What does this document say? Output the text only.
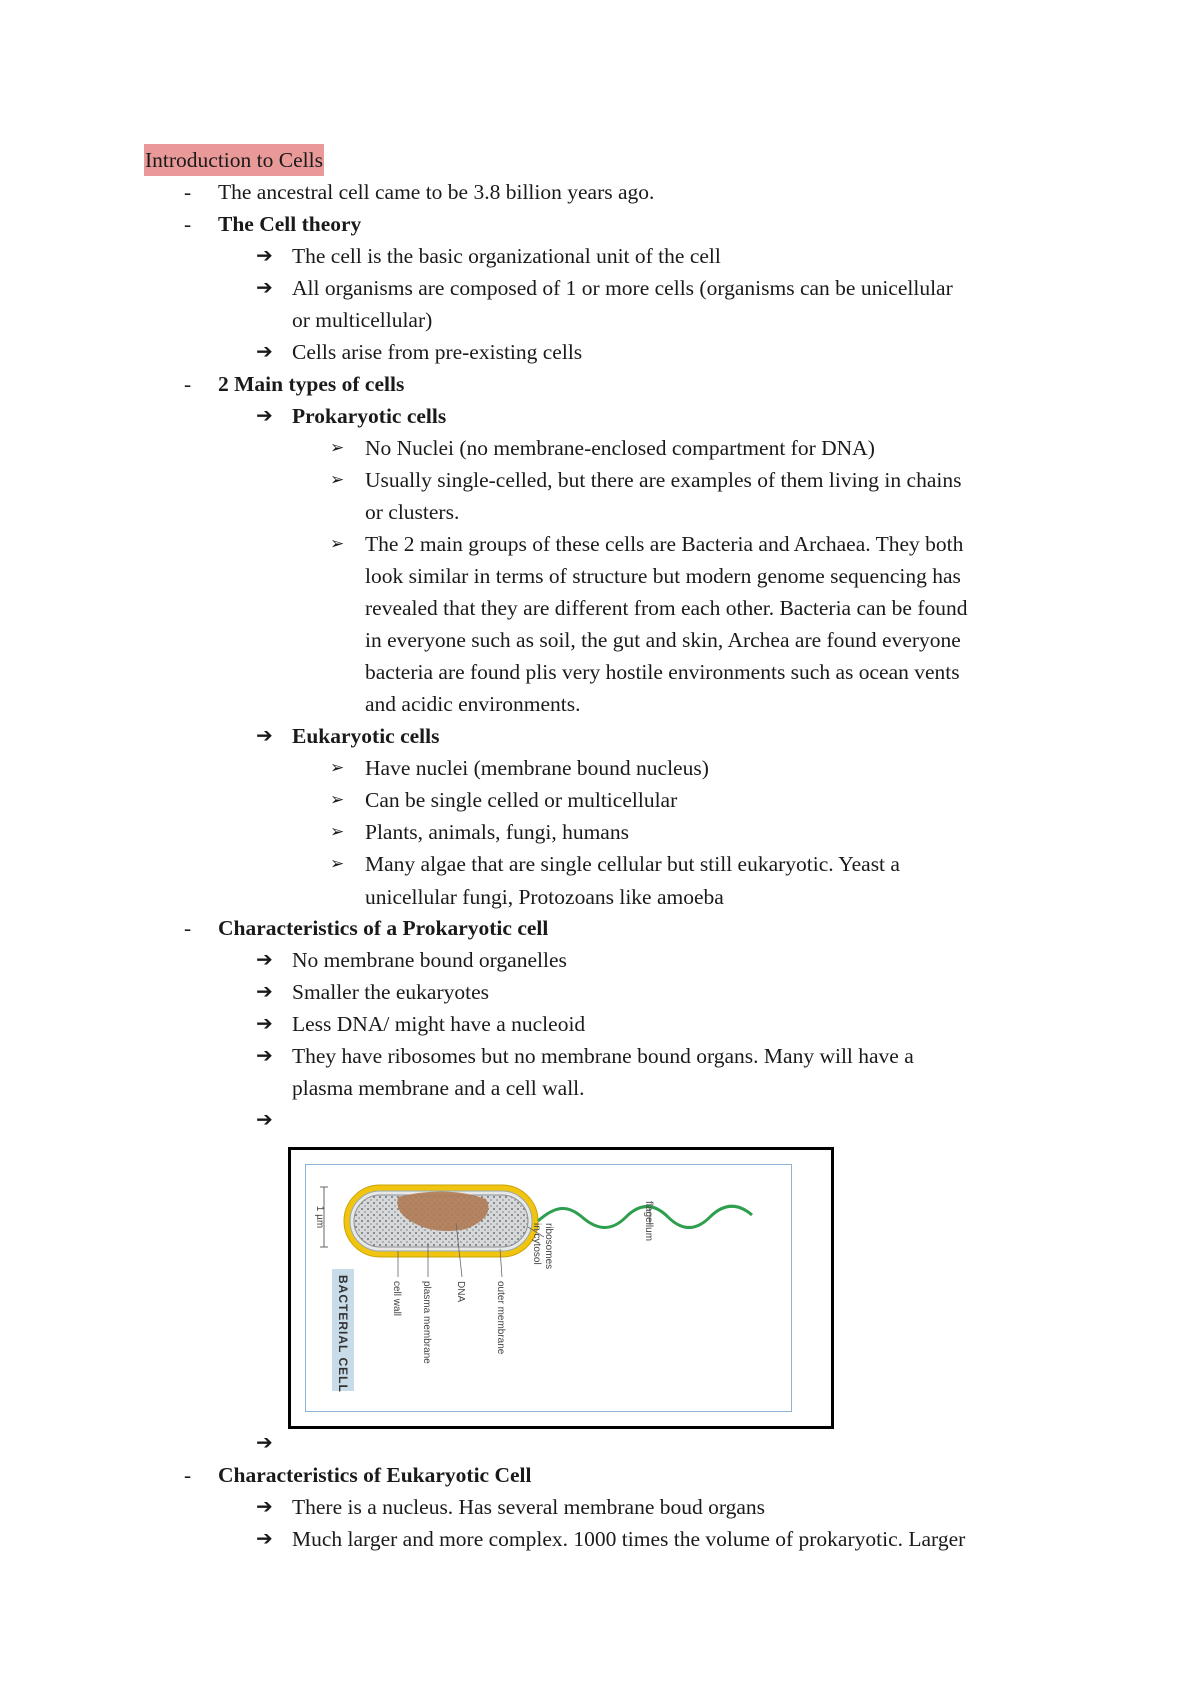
Introduction to Cells
- The ancestral cell came to be 3.8 billion years ago.
- The Cell theory
➔ The cell is the basic organizational unit of the cell
➔ All organisms are composed of 1 or more cells (organisms can be unicellular
or multicellular)
➔ Cells arise from pre-existing cells
- 2 Main types of cells
➔ Prokaryotic cells
➢ No Nuclei (no membrane-enclosed compartment for DNA)
➢ Usually single-celled, but there are examples of them living in chains
or clusters.
➢ The 2 main groups of these cells are Bacteria and Archaea. They both
look similar in terms of structure but modern genome sequencing has
revealed that they are different from each other. Bacteria can be found
in everyone such as soil, the gut and skin, Archea are found everyone
bacteria are found plis very hostile environments such as ocean vents
and acidic environments.
➔ Eukaryotic cells
➢ Have nuclei (membrane bound nucleus)
➢ Can be single celled or multicellular
➢ Plants, animals, fungi, humans
➢ Many algae that are single cellular but still eukaryotic. Yeast a
unicellular fungi, Protozoans like amoeba
- Characteristics of a Prokaryotic cell
➔ No membrane bound organelles
➔ Smaller the eukaryotes
➔ Less DNA/ might have a nucleoid
➔ They have ribosomes but no membrane bound organs. Many will have a
plasma membrane and a cell wall.
➔
1 µm
cell wall plasma membrane DNA	outer membrane
ribosomes
in cytosol
flagellum
BACTERIAL CELL
➔
- Characteristics of Eukaryotic Cell
➔ There is a nucleus. Has several membrane boud organs
➔ Much larger and more complex. 1000 times the volume of prokaryotic. Larger
